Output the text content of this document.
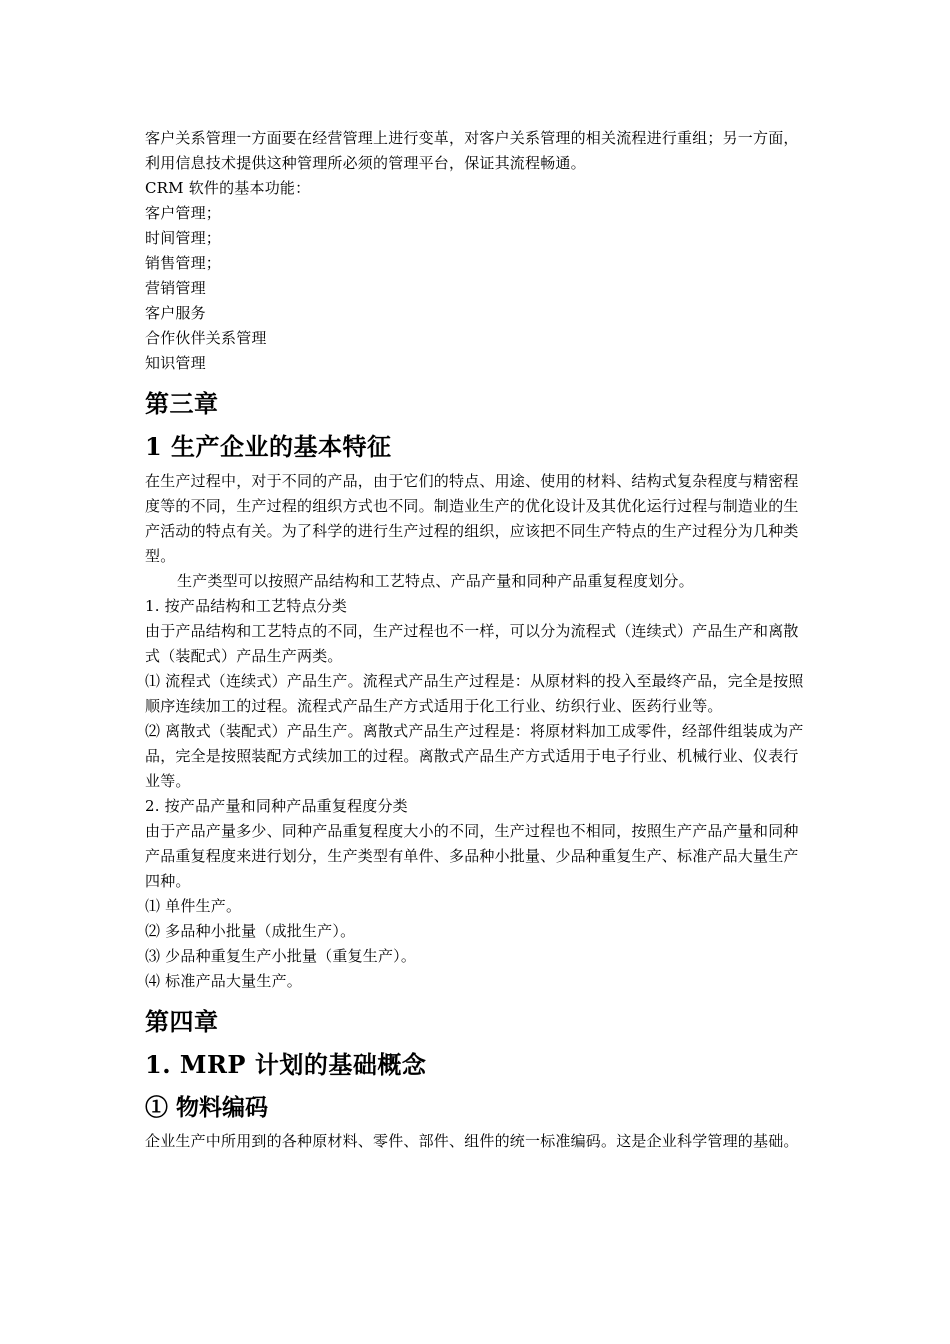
客户关系管理一方面要在经营管理上进行变革，对客户关系管理的相关流程进行重组；另一方面，利用信息技术提供这种管理所必须的管理平台，保证其流程畅通。

CRM 软件的基本功能：

客户管理；

时间管理；

销售管理；

营销管理

客户服务

合作伙伴关系管理

知识管理

第三章
1 生产企业的基本特征

在生产过程中，对于不同的产品，由于它们的特点、用途、使用的材料、结构式复杂程度与精密程度等的不同，生产过程的组织方式也不同。制造业生产的优化设计及其优化运行过程与制造业的生产活动的特点有关。为了科学的进行生产过程的组织，应该把不同生产特点的生产过程分为几种类型。

生产类型可以按照产品结构和工艺特点、产品产量和同种产品重复程度划分。

1. 按产品结构和工艺特点分类

由于产品结构和工艺特点的不同，生产过程也不一样，可以分为流程式（连续式）产品生产和离散式（装配式）产品生产两类。

⑴ 流程式（连续式）产品生产。流程式产品生产过程是：从原材料的投入至最终产品，完全是按照顺序连续加工的过程。流程式产品生产方式适用于化工行业、纺织行业、医药行业等。

⑵ 离散式（装配式）产品生产。离散式产品生产过程是：将原材料加工成零件，经部件组装成为产品，完全是按照装配方式续加工的过程。离散式产品生产方式适用于电子行业、机械行业、仪表行业等。

2. 按产品产量和同种产品重复程度分类

由于产品产量多少、同种产品重复程度大小的不同，生产过程也不相同，按照生产产品产量和同种产品重复程度来进行划分，生产类型有单件、多品种小批量、少品种重复生产、标准产品大量生产四种。

⑴ 单件生产。

⑵ 多品种小批量（成批生产）。

⑶ 少品种重复生产小批量（重复生产）。

⑷ 标准产品大量生产。

第四章
1. MRP 计划的基础概念
① 物料编码

企业生产中所用到的各种原材料、零件、部件、组件的统一标准编码。这是企业科学管理的基础。
